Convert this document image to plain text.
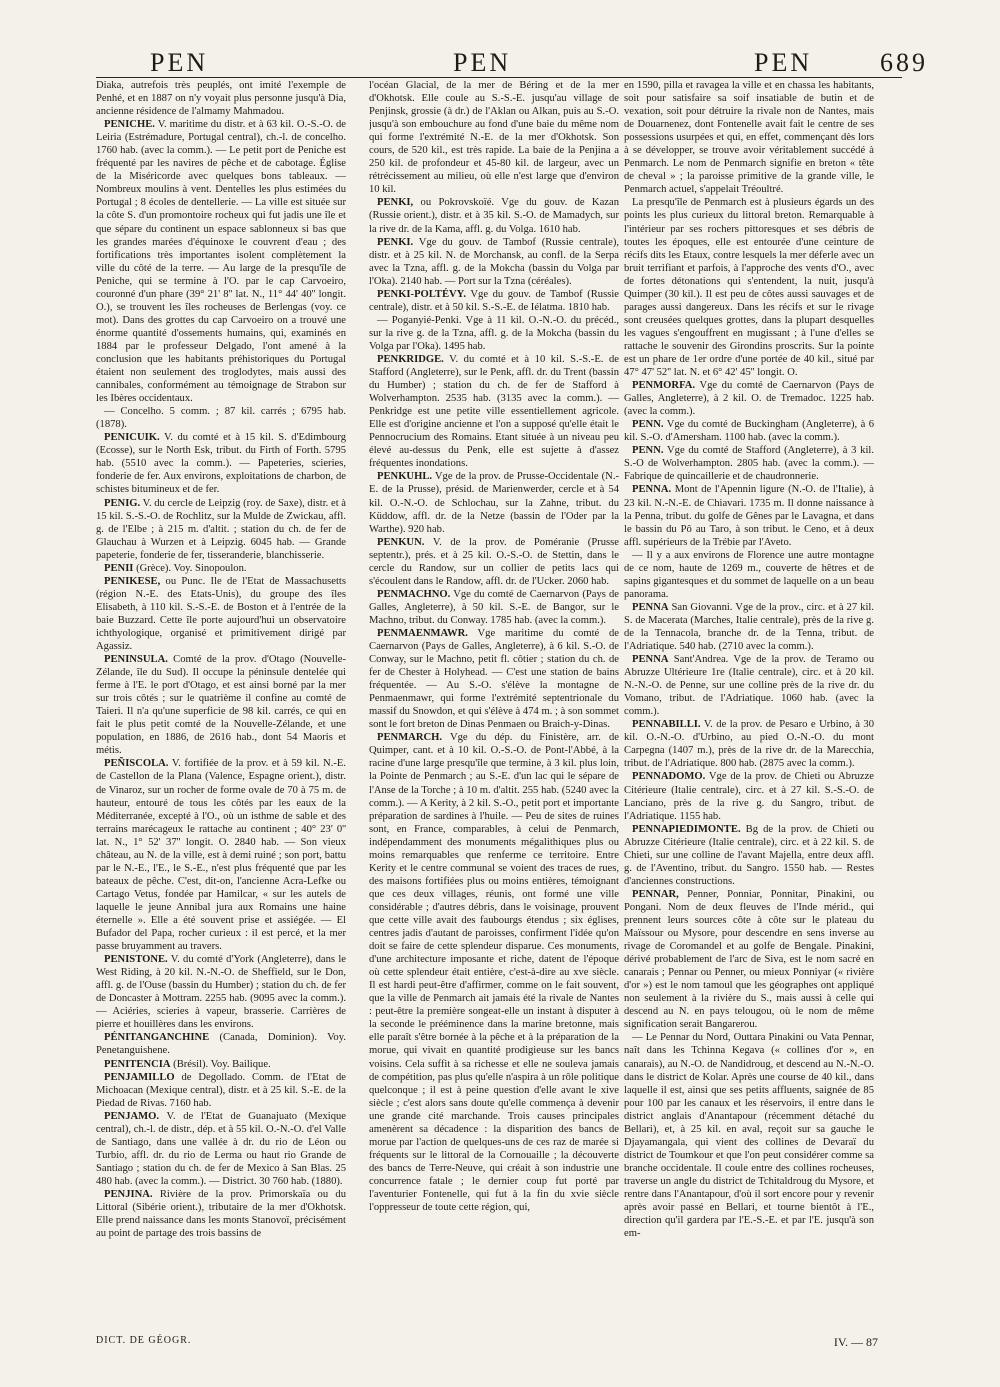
PEN	PEN	PEN	689

Diaka, autrefois très peuplés, ont imité l'exemple de Penhé, et en 1887 on n'y voyait plus personne jusqu'à Dia, ancienne résidence de l'almamy Mahmadou.

PENICHE. V. maritime du distr. et à 63 kil. O.-S.-O. de Leiria (Estrémadure, Portugal central), ch.-l. de concelho. 1760 hab. (avec la comm.). — Le petit port de Peniche est fréquenté par les navires de pêche et de cabotage. Église de la Miséricorde avec quelques bons tableaux. — Nombreux moulins à vent. Dentelles les plus estimées du Portugal ; 8 écoles de dentellerie. — La ville est située sur la côte S. d'un promontoire rocheux qui fut jadis une île et que sépare du continent un espace sablonneux si bas que les grandes marées d'équinoxe le couvrent d'eau ; des fortifications très importantes isolent complètement la ville du côté de la terre. — Au large de la presqu'île de Peniche, qui se termine à l'O. par le cap Carvoeiro, couronné d'un phare (39° 21' 8'' lat. N., 11° 44' 40'' longit. O.), se trouvent les îles rocheuses de Berlengas (voy. ce mot). Dans des grottes du cap Carvoeiro on a trouvé une énorme quantité d'ossements humains, qui, examinés en 1884 par le professeur Delgado, l'ont amené à la conclusion que les habitants préhistoriques du Portugal étaient non seulement des troglodytes, mais aussi des cannibales, conformément au témoignage de Strabon sur les Ibères occidentaux.

— Concelho. 5 comm. ; 87 kil. carrés ; 6795 hab. (1878).

PENICUIK. V. du comté et à 15 kil. S. d'Edimbourg (Ecosse), sur le North Esk, tribut. du Firth of Forth. 5795 hab. (5510 avec la comm.). — Papeteries, scieries, fonderie de fer. Aux environs, exploitations de charbon, de schistes bitumineux et de fer.

PENIG. V. du cercle de Leipzig (roy. de Saxe), distr. et à 15 kil. S.-S.-O. de Rochlitz, sur la Mulde de Zwickau, affl. g. de l'Elbe ; à 215 m. d'altit. ; station du ch. de fer de Glauchau à Wurzen et à Leipzig. 6045 hab. — Grande papeterie, fonderie de fer, tisseranderie, blanchisserie.

PENII (Grèce). Voy. Sinopoulon.

PENIKESE, ou Punc. Ile de l'Etat de Massachusetts (région N.-E. des Etats-Unis), du groupe des îles Elisabeth, à 110 kil. S.-S.-E. de Boston et à l'entrée de la baie Buzzard. Cette île porte aujourd'hui un observatoire ichthyologique, organisé et primitivement dirigé par Agassiz.

PENINSULA. Comté de la prov. d'Otago (Nouvelle-Zélande, île du Sud). Il occupe la péninsule dentelée qui ferme à l'E. le port d'Otago, et est ainsi borné par la mer sur trois côtés ; sur le quatrième il confine au comté de Taieri. Il n'a qu'une superficie de 98 kil. carrés, ce qui en fait le plus petit comté de la Nouvelle-Zélande, et une population, en 1886, de 2616 hab., dont 54 Maoris et métis.

PEÑISCOLA. V. fortifiée de la prov. et à 59 kil. N.-E. de Castellon de la Plana (Valence, Espagne orient.), distr. de Vinaroz, sur un rocher de forme ovale de 70 à 75 m. de hauteur, entouré de tous les côtés par les eaux de la Méditerranée, excepté à l'O., où un isthme de sable et des terrains marécageux le rattache au continent ; 40° 23' 0'' lat. N., 1° 52' 37'' longit. O. 2840 hab. — Son vieux château, au N. de la ville, est à demi ruiné ; son port, battu par le N.-E., l'E., le S.-E., n'est plus fréquenté que par les bateaux de pêche. C'est, dit-on, l'ancienne Acra-Lefke ou Cartago Vetus, fondée par Hamilcar, « sur les autels de laquelle le jeune Annibal jura aux Romains une haine éternelle ». Elle a été souvent prise et assiégée. — El Bufador del Papa, rocher curieux : il est percé, et la mer passe bruyamment au travers.

PENISTONE. V. du comté d'York (Angleterre), dans le West Riding, à 20 kil. N.-N.-O. de Sheffield, sur le Don, affl. g. de l'Ouse (bassin du Humber) ; station du ch. de fer de Doncaster à Mottram. 2255 hab. (9095 avec la comm.). — Aciéries, scieries à vapeur, brasserie. Carrières de pierre et houillères dans les environs.

PÉNITANGANCHINE (Canada, Dominion). Voy. Penetanguishene.

PENITENCIA (Brésil). Voy. Bailique.

PENJAMILLO de Degollado. Comm. de l'Etat de Michoacan (Mexique central), distr. et à 25 kil. S.-E. de la Piedad de Rivas. 7160 hab.

PENJAMO. V. de l'Etat de Guanajuato (Mexique central), ch.-l. de distr., dép. et à 55 kil. O.-N.-O. d'el Valle de Santiago, dans une vallée à dr. du rio de Léon ou Turbio, affl. dr. du rio de Lerma ou haut rio Grande de Santiago ; station du ch. de fer de Mexico à San Blas. 25 480 hab. (avec la comm.). — District. 30 760 hab. (1880).

PENJINA. Rivière de la prov. Primorskaïa ou du Littoral (Sibérie orient.), tributaire de la mer d'Okhotsk. Elle prend naissance dans les monts Stanovoï, précisément au point de partage des trois bassins de

l'océan Glacial, de la mer de Béring et de la mer d'Okhotsk. Elle coule au S.-S.-E. jusqu'au village de Penjinsk, grossie (à dr.) de l'Aklan ou Alkan, puis au S.-O. jusqu'à son embouchure au fond d'une baie du même nom qui forme l'extrémité N.-E. de la mer d'Okhotsk. Son cours, de 520 kil., est très rapide. La baie de la Penjina a 250 kil. de profondeur et 45-80 kil. de largeur, avec un rétrécissement au milieu, où elle n'est large que d'environ 10 kil.

PENKI, ou Pokrovskoïé. Vge du gouv. de Kazan (Russie orient.), distr. et à 35 kil. S.-O. de Mamadych, sur la rive dr. de la Kama, affl. g. du Volga. 1610 hab.

PENKI. Vge du gouv. de Tambof (Russie centrale), distr. et à 25 kil. N. de Morchansk, au confl. de la Serpa avec la Tzna, affl. g. de la Mokcha (bassin du Volga par l'Oka). 2140 hab. — Port sur la Tzna (céréales).

PENKI-POLTÉVY. Vge du gouv. de Tambof (Russie centrale), distr. et à 50 kil. S.-S.-E. de Iélatma. 1810 hab.

— Poganyié-Penki. Vge à 11 kil. O.-N.-O. du précéd., sur la rive g. de la Tzna, affl. g. de la Mokcha (bassin du Volga par l'Oka). 1495 hab.

PENKRIDGE. V. du comté et à 10 kil. S.-S.-E. de Stafford (Angleterre), sur le Penk, affl. dr. du Trent (bassin du Humber) ; station du ch. de fer de Stafford à Wolverhampton. 2535 hab. (3135 avec la comm.). — Penkridge est une petite ville essentiellement agricole. Elle est d'origine ancienne et l'on a supposé qu'elle était le Pennocrucium des Romains. Etant située à un niveau peu élevé au-dessus du Penk, elle est sujette à d'assez fréquentes inondations.

PENKUHL. Vge de la prov. de Prusse-Occidentale (N.-E. de la Prusse), présid. de Marienwerder, cercle et à 54 kil. O.-N.-O. de Schlochau, sur la Zahne, tribut. du Küddow, affl. dr. de la Netze (bassin de l'Oder par la Warthe). 920 hab.

PENKUN. V. de la prov. de Poméranie (Prusse septentr.), prés. et à 25 kil. O.-S.-O. de Stettin, dans le cercle du Randow, sur un collier de petits lacs qui s'écoulent dans le Randow, affl. dr. de l'Ucker. 2060 hab.

PENMACHNO. Vge du comté de Caernarvon (Pays de Galles, Angleterre), à 50 kil. S.-E. de Bangor, sur le Machno, tribut. du Conway. 1785 hab. (avec la comm.).

PENMAENMAWR. Vge maritime du comté de Caernarvon (Pays de Galles, Angleterre), à 6 kil. S.-O. de Conway, sur le Machno, petit fl. côtier ; station du ch. de fer de Chester à Holyhead. — C'est une station de bains fréquentée. — Au S.-O. s'élève la montagne de Penmaenmawr, qui forme l'extrémité septentrionale du massif du Snowdon, et qui s'élève à 474 m. ; à son sommet sont le fort breton de Dinas Penmaen ou Braich-y-Dinas.

PENMARCH. Vge du dép. du Finistère, arr. de Quimper, cant. et à 10 kil. O.-S.-O. de Pont-l'Abbé, à la racine d'une large presqu'île que termine, à 3 kil. plus loin, la Pointe de Penmarch ; au S.-E. d'un lac qui le sépare de l'Anse de la Torche ; à 10 m. d'altit. 255 hab. (5240 avec la comm.). — A Kerity, à 2 kil. S.-O., petit port et importante préparation de sardines à l'huile. — Peu de sites de ruines sont, en France, comparables, à celui de Penmarch, indépendamment des monuments mégalithiques plus ou moins remarquables que renferme ce territoire. Entre Kerity et le centre communal se voient des traces de rues, des maisons fortifiées plus ou moins entières, témoignant que ces deux villages, réunis, ont formé une ville considérable ; d'autres débris, dans le voisinage, prouvent que cette ville avait des faubourgs étendus ; six églises, centres jadis d'autant de paroisses, confirment l'idée qu'on doit se faire de cette splendeur disparue. Ces monuments, d'une architecture imposante et riche, datent de l'époque où cette splendeur était entière, c'est-à-dire au xve siècle. Il est hardi peut-être d'affirmer, comme on le fait souvent, que la ville de Penmarch ait jamais été la rivale de Nantes : peut-être la première songeat-elle un instant à disputer à la seconde le prééminence dans la marine bretonne, mais elle paraît s'être bornée à la pêche et à la préparation de la morue, qui vivait en quantité prodigieuse sur les bancs voisins. Cela suffit à sa richesse et elle ne souleva jamais de compétition, pas plus qu'elle n'aspira à un rôle politique quelconque ; il est à peine question d'elle avant le xive siècle ; c'est alors sans doute qu'elle commença à devenir une grande cité marchande. Trois causes principales amenèrent sa décadence : la disparition des bancs de morue par l'action de quelques-uns de ces raz de marée si fréquents sur le littoral de la Cornouaille ; la découverte des bancs de Terre-Neuve, qui créait à son industrie une concurrence fatale ; le dernier coup fut porté par l'aventurier Fontenelle, qui fut à la fin du xvie siècle l'oppresseur de toute cette région, qui,

en 1590, pilla et ravagea la ville et en chassa les habitants, soit pour satisfaire sa soif insatiable de butin et de vexation, soit pour détruire la rivale non de Nantes, mais de Douarnenez, dont Fontenelle avait fait le centre de ses possessions usurpées et qui, en effet, commençant dès lors à se développer, se trouve avoir véritablement succédé à Penmarch. Le nom de Penmarch signifie en breton « tête de cheval » ; la paroisse primitive de la grande ville, le Penmarch actuel, s'appelait Tréoultré.

La presqu'île de Penmarch est à plusieurs égards un des points les plus curieux du littoral breton. Remarquable à l'intérieur par ses rochers pittoresques et ses débris de toutes les époques, elle est entourée d'une ceinture de récifs dits les Etaux, contre lesquels la mer déferle avec un bruit terrifiant et parfois, à l'approche des vents d'O., avec de fortes détonations qui s'entendent, la nuit, jusqu'à Quimper (30 kil.). Il est peu de côtes aussi sauvages et de parages aussi dangereux. Dans les récifs et sur le rivage sont creusées quelques grottes, dans la plupart desquelles les vagues s'engouffrent en mugissant ; à l'une d'elles se rattache le souvenir des Girondins proscrits. Sur la pointe est un phare de 1er ordre d'une portée de 40 kil., situé par 47° 47' 52'' lat. N. et 6° 42' 45'' longit. O.

PENMORFA. Vge du comté de Caernarvon (Pays de Galles, Angleterre), à 2 kil. O. de Tremadoc. 1225 hab. (avec la comm.).

PENN. Vge du comté de Buckingham (Angleterre), à 6 kil. S.-O. d'Amersham. 1100 hab. (avec la comm.).

PENN. Vge du comté de Stafford (Angleterre), à 3 kil. S.-O de Wolverhampton. 2805 hab. (avec la comm.). — Fabrique de quincaillerie et de chaudronnerie.

PENNA. Mont de l'Apennin ligure (N.-O. de l'Italie), à 23 kil. N.-N.-E. de Chiavari. 1735 m. Il donne naissance à la Penna, tribut. du golfe de Gênes par le Lavagna, et dans le bassin du Pô au Taro, à son tribut. le Ceno, et à deux affl. supérieurs de la Trébie par l'Aveto.

— Il y a aux environs de Florence une autre montagne de ce nom, haute de 1269 m., couverte de hêtres et de sapins gigantesques et du sommet de laquelle on a un beau panorama.

PENNA San Giovanni. Vge de la prov., circ. et à 27 kil. S. de Macerata (Marches, Italie centrale), près de la rive g. de la Tennacola, branche dr. de la Tenna, tribut. de l'Adriatique. 540 hab. (2710 avec la comm.).

PENNA Sant'Andrea. Vge de la prov. de Teramo ou Abruzze Ultérieure 1re (Italie centrale), circ. et à 20 kil. N.-N.-O. de Penne, sur une colline près de la rive dr. du Vomano, tribut. de l'Adriatique. 1060 hab. (avec la comm.).

PENNABILLI. V. de la prov. de Pesaro e Urbino, à 30 kil. O.-N.-O. d'Urbino, au pied O.-N.-O. du mont Carpegna (1407 m.), près de la rive dr. de la Marecchia, tribut. de l'Adriatique. 800 hab. (2875 avec la comm.).

PENNADOMO. Vge de la prov. de Chieti ou Abruzze Citérieure (Italie centrale), circ. et à 27 kil. S.-S.-O. de Lanciano, près de la rive g. du Sangro, tribut. de l'Adriatique. 1155 hab.

PENNAPIEDIMONTE. Bg de la prov. de Chieti ou Abruzze Citérieure (Italie centrale), circ. et à 22 kil. S. de Chieti, sur une colline de l'avant Majella, entre deux affl. g. de l'Aventino, tribut. du Sangro. 1550 hab. — Restes d'anciennes constructions.

PENNAR, Penner, Ponniar, Ponnitar, Pinakini, ou Pongani. Nom de deux fleuves de l'Inde mérid., qui prennent leurs sources côte à côte sur le plateau du Maïssour ou Mysore, pour descendre en sens inverse au rivage de Coromandel et au golfe de Bengale. Pinakini, dérivé probablement de l'arc de Siva, est le nom sacré en canarais ; Pennar ou Penner, ou mieux Ponniyar (« rivière d'or ») est le nom tamoul que les géographes ont appliqué non seulement à la rivière du S., mais aussi à celle qui descend au N. en pays telougou, où le nom de même signification serait Bangarerou.

— Le Pennar du Nord, Outtara Pinakini ou Vata Pennar, naît dans les Tchinna Kegava (« collines d'or », en canarais), au N.-O. de Nandidroug, et descend au N.-N.-O. dans le district de Kolar. Après une course de 40 kil., dans laquelle il est, ainsi que ses petits affluents, saignée de 85 pour 100 par les canaux et les réservoirs, il entre dans le district anglais d'Anantapour (récemment détaché du Bellari), et, à 25 kil. en aval, reçoit sur sa gauche le Djayamangala, qui vient des collines de Devaraï du district de Toumkour et que l'on peut considérer comme sa branche occidentale. Il coule entre des collines rocheuses, traverse un angle du district de Tchitaldroug du Mysore, et rentre dans l'Anantapour, d'où il sort encore pour y revenir après avoir passé en Bellari, et tourne bientôt à l'E., direction qu'il gardera par l'E.-S.-E. et par l'E. jusqu'à son em-

DICT. DE GÉOGR.	IV. — 87
